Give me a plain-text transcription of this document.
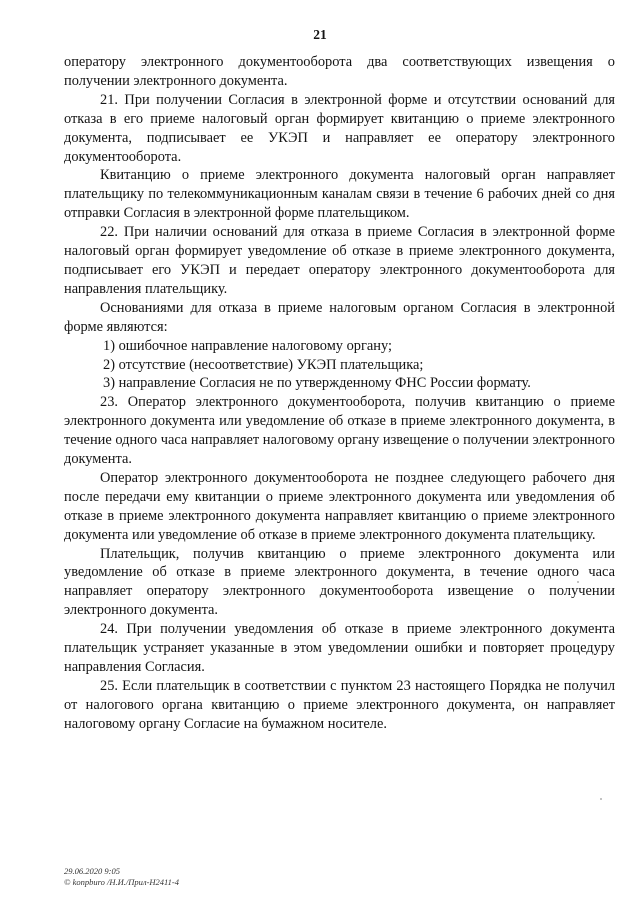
21

оператору электронного документооборота два соответствующих извещения о получении электронного документа.

21. При получении Согласия в электронной форме и отсутствии оснований для отказа в его приеме налоговый орган формирует квитанцию о приеме электронного документа, подписывает ее УКЭП и направляет ее оператору электронного документооборота.

Квитанцию о приеме электронного документа налоговый орган направляет плательщику по телекоммуникационным каналам связи в течение 6 рабочих дней со дня отправки Согласия в электронной форме плательщиком.

22. При наличии оснований для отказа в приеме Согласия в электронной форме налоговый орган формирует уведомление об отказе в приеме электронного документа, подписывает его УКЭП и передает оператору электронного документооборота для направления плательщику.

Основаниями для отказа в приеме налоговым органом Согласия в электронной форме являются:

1) ошибочное направление налоговому органу;

2) отсутствие (несоответствие) УКЭП плательщика;

3) направление Согласия не по утвержденному ФНС России формату.

23. Оператор электронного документооборота, получив квитанцию о приеме электронного документа или уведомление об отказе в приеме электронного документа, в течение одного часа направляет налоговому органу извещение о получении электронного документа.

Оператор электронного документооборота не позднее следующего рабочего дня после передачи ему квитанции о приеме электронного документа или уведомления об отказе в приеме электронного документа направляет квитанцию о приеме электронного документа или уведомление об отказе в приеме электронного документа плательщику.

Плательщик, получив квитанцию о приеме электронного документа или уведомление об отказе в приеме электронного документа, в течение одного часа направляет оператору электронного документооборота извещение о получении электронного документа.

24. При получении уведомления об отказе в приеме электронного документа плательщик устраняет указанные в этом уведомлении ошибки и повторяет процедуру направления Согласия.

25. Если плательщик в соответствии с пунктом 23 настоящего Порядка не получил от налогового органа квитанцию о приеме электронного документа, он направляет налоговому органу Согласие на бумажном носителе.

29.06.2020 9:05
© konpburo /Н.И./Прил-Н2411-4
